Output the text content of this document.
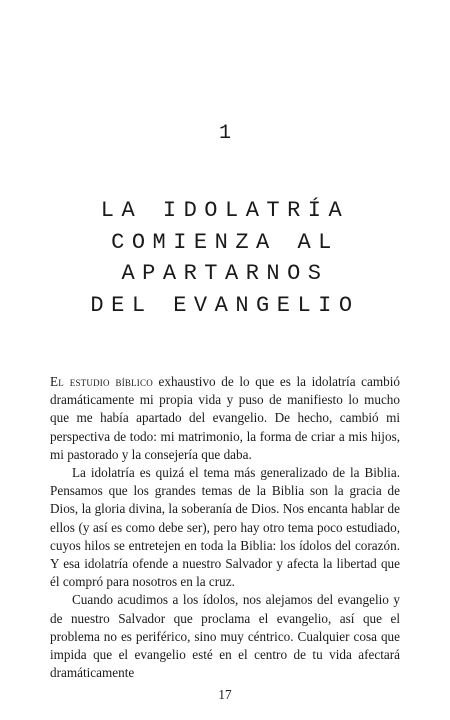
1
LA IDOLATRÍA
COMIENZA AL
APARTARNOS
DEL EVANGELIO

El estudio bíblico exhaustivo de lo que es la idolatría cambió dramáticamente mi propia vida y puso de manifiesto lo mucho que me había apartado del evangelio. De hecho, cambió mi perspectiva de todo: mi matrimonio, la forma de criar a mis hijos, mi pastorado y la consejería que daba.

La idolatría es quizá el tema más generalizado de la Biblia. Pensamos que los grandes temas de la Biblia son la gracia de Dios, la gloria divina, la soberanía de Dios. Nos encanta hablar de ellos (y así es como debe ser), pero hay otro tema poco estudiado, cuyos hilos se entretejen en toda la Biblia: los ídolos del corazón. Y esa idolatría ofende a nuestro Salvador y afecta la libertad que él compró para nosotros en la cruz.

Cuando acudimos a los ídolos, nos alejamos del evangelio y de nuestro Salvador que proclama el evangelio, así que el problema no es periférico, sino muy céntrico. Cualquier cosa que impida que el evangelio esté en el centro de tu vida afectará dramáticamente

17
